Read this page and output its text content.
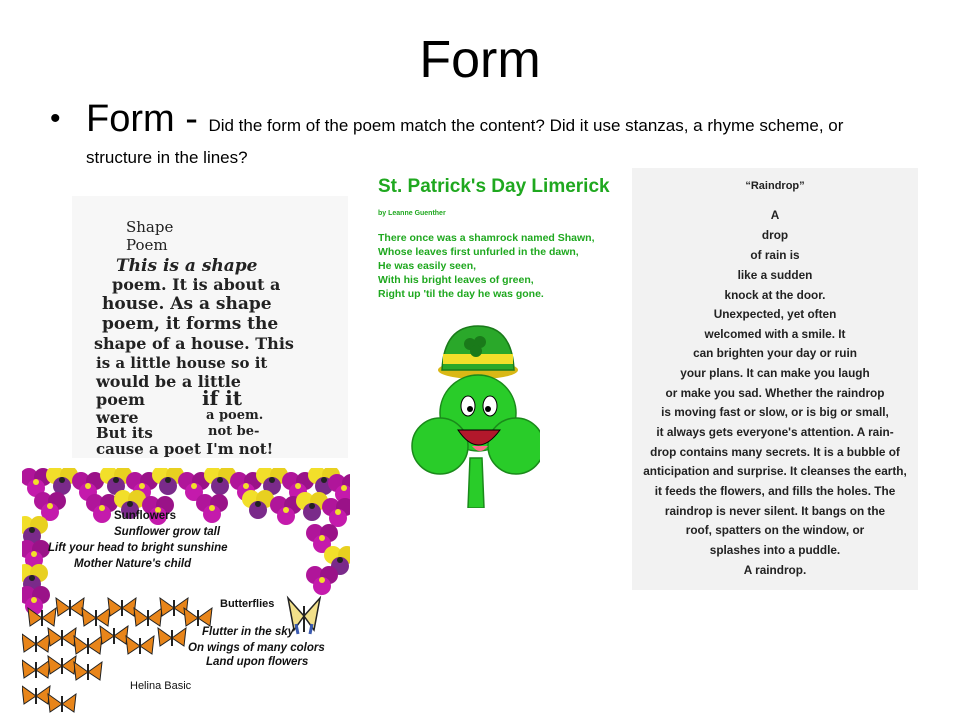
Form
• Form - Did the form of the poem match the content? Did it use stanzas, a rhyme scheme, or
structure in the lines?
Shape
Poem
This is a shape
poem. It is about a
house. As a shape
poem, it forms the
shape of a house. This
is a little house so it
would be a little
poem	if it
were	a poem.
But its	not be-
cause a poet I'm not!
St. Patrick's Day Limerick
by Leanne Guenther
There once was a shamrock named Shawn,
Whose leaves first unfurled in the dawn,
He was easily seen,
With his bright leaves of green,
Right up 'til the day he was gone.
“Raindrop”
A
drop
of rain is
like a sudden
knock at the door.
Unexpected, yet often
welcomed with a smile. It
can brighten your day or ruin
your plans. It can make you laugh
or make you sad. Whether the raindrop
is moving fast or slow, or is big or small,
it always gets everyone's attention. A rain-
drop contains many secrets. It is a bubble of
anticipation and surprise. It cleanses the earth,
it feeds the flowers, and fills the holes. The
raindrop is never silent. It bangs on the
roof, spatters on the window, or
splashes into a puddle.
A raindrop.
Sunflowers
Sunflower grow tall
Lift your head to bright sunshine
Mother Nature's child
Butterflies
Flutter in the sky
On wings of many colors
Land upon flowers
Helina Basic
